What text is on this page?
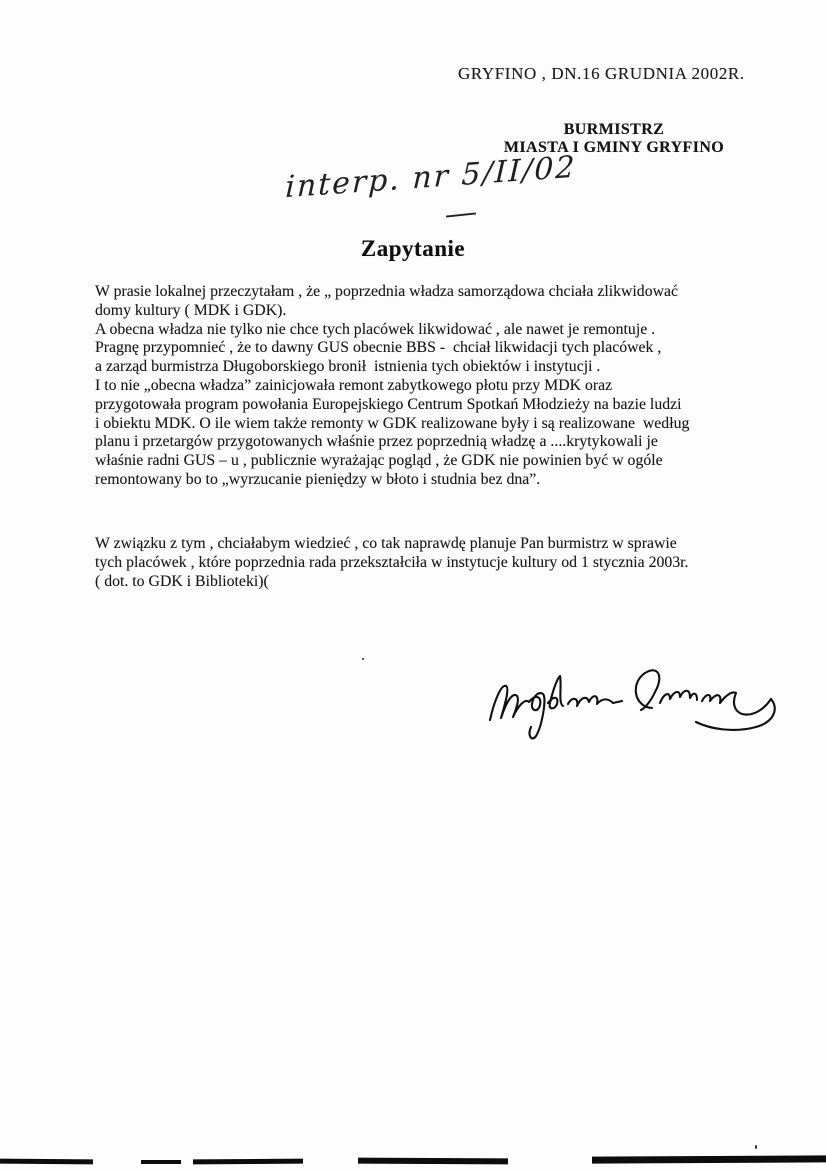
GRYFINO , DN.16 GRUDNIA 2002R.
BURMISTRZ
MIASTA I GMINY GRYFINO
interp. nr 5/II/02
Zapytanie
W prasie lokalnej przeczytałam , że „ poprzednia władza samorządowa chciała zlikwidować
domy kultury ( MDK i GDK).
A obecna władza nie tylko nie chce tych placówek likwidować , ale nawet je remontuje .
Pragnę przypomnieć , że to dawny GUS obecnie BBS -  chciał likwidacji tych placówek ,
a zarząd burmistrza Długoborskiego bronił  istnienia tych obiektów i instytucji .
I to nie „obecna władza” zainicjowała remont zabytkowego płotu przy MDK oraz
przygotowała program powołania Europejskiego Centrum Spotkań Młodzieży na bazie ludzi
i obiektu MDK. O ile wiem także remonty w GDK realizowane były i są realizowane  według
planu i przetargów przygotowanych właśnie przez poprzednią władzę a ....krytykowali je
właśnie radni GUS – u , publicznie wyrażając pogląd , że GDK nie powinien być w ogóle
remontowany bo to „wyrzucanie pieniędzy w błoto i studnia bez dna”.
W związku z tym , chciałabym wiedzieć , co tak naprawdę planuje Pan burmistrz w sprawie
tych placówek , które poprzednia rada przekształciła w instytucje kultury od 1 stycznia 2003r.
( dot. to GDK i Biblioteki)(
